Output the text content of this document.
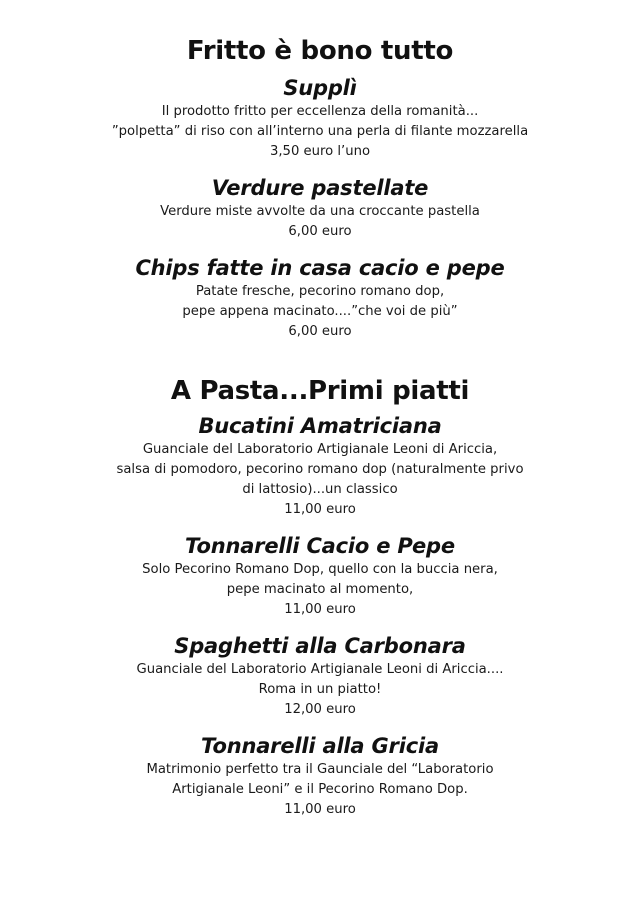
Fritto è bono tutto
Supplì

Il prodotto fritto per eccellenza della romanità...

”polpetta” di riso con all’interno una perla di filante mozzarella

3,50 euro l’uno

Verdure pastellate

Verdure miste avvolte da una croccante pastella

6,00 euro

Chips fatte in casa cacio e pepe

Patate fresche, pecorino romano dop,

pepe appena macinato....”che voi de più”

6,00 euro

A Pasta...Primi piatti
Bucatini Amatriciana

Guanciale del Laboratorio Artigianale Leoni di Ariccia,

salsa di pomodoro, pecorino romano dop (naturalmente privo

di lattosio)...un classico

11,00 euro

Tonnarelli Cacio e Pepe

Solo Pecorino Romano Dop, quello con la buccia nera,

pepe macinato al momento,

11,00 euro

Spaghetti alla Carbonara

Guanciale del Laboratorio Artigianale Leoni di Ariccia....

Roma in un piatto!

12,00 euro

Tonnarelli alla Gricia

Matrimonio perfetto tra il Gaunciale del “Laboratorio

Artigianale Leoni” e il Pecorino Romano Dop.

11,00 euro
